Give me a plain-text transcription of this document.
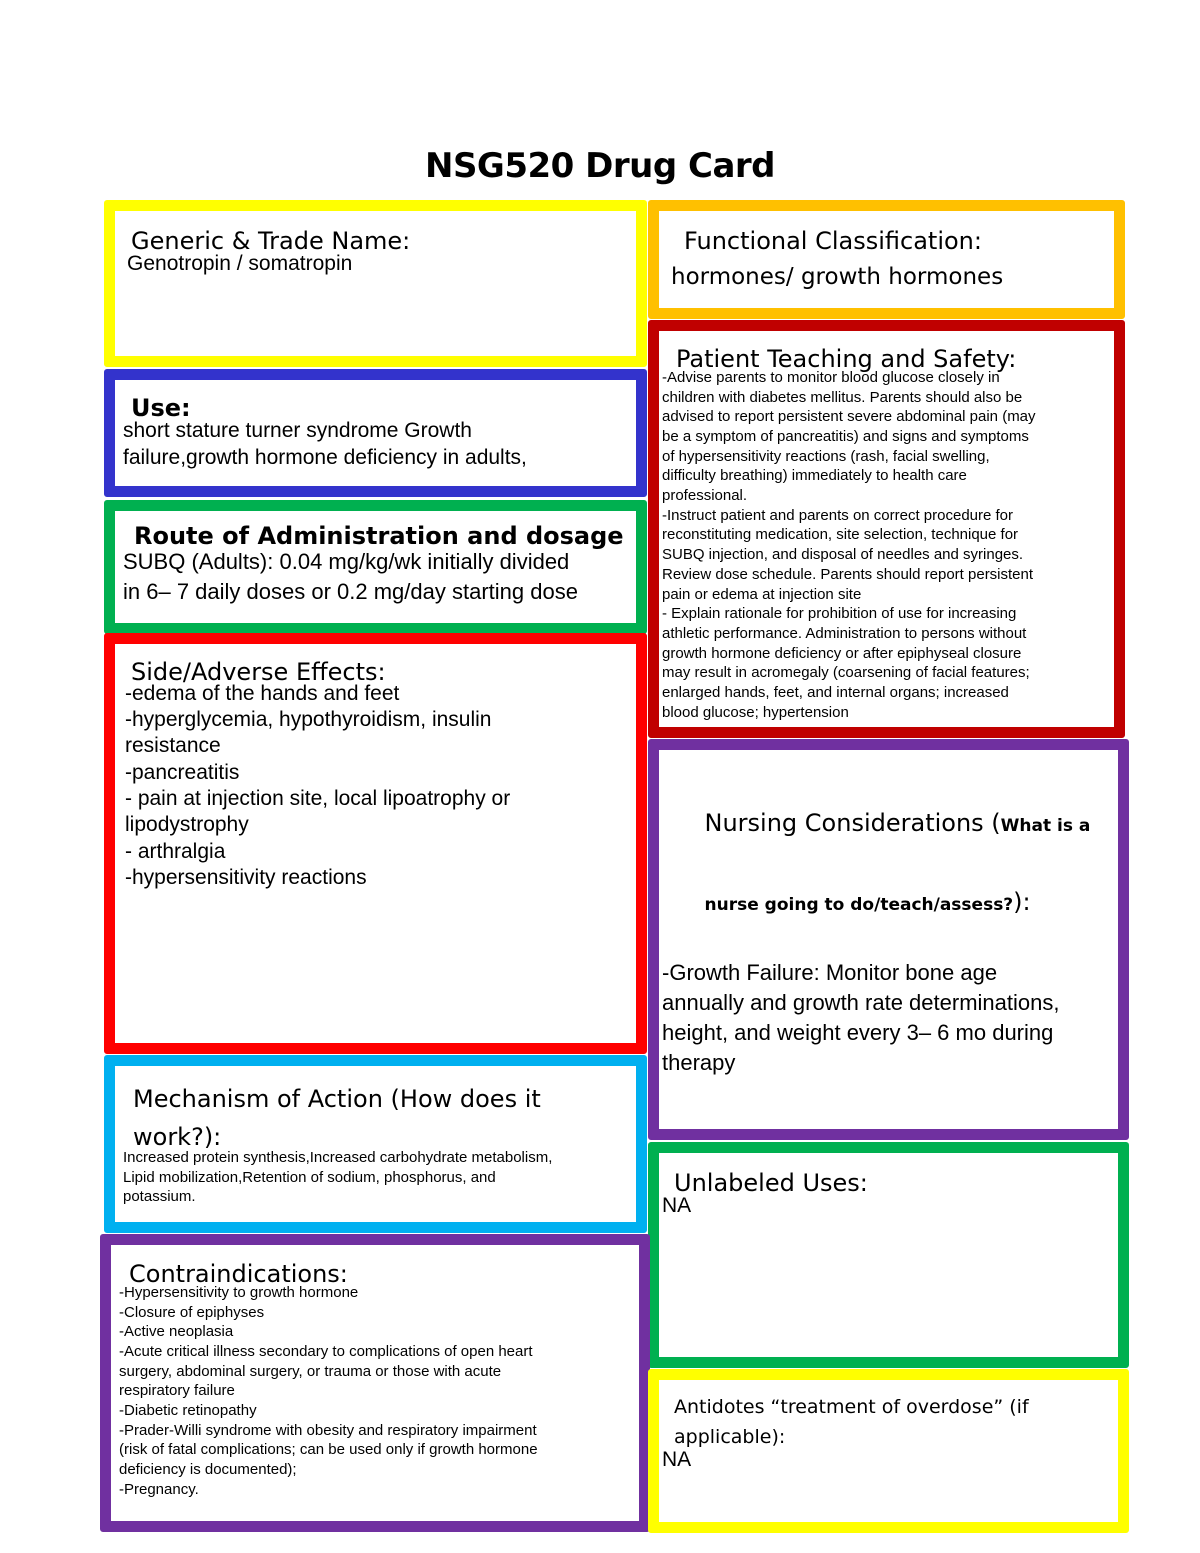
NSG520 Drug Card
Generic & Trade Name:
Genotropin / somatropin
Functional Classification:
hormones/ growth hormones
Use:
short stature turner syndrome Growth
failure,growth hormone deficiency in adults,
Patient Teaching and Safety:
-Advise parents to monitor blood glucose closely in
children with diabetes mellitus. Parents should also be
advised to report persistent severe abdominal pain (may
be a symptom of pancreatitis) and signs and symptoms
of hypersensitivity reactions (rash, facial swelling,
difficulty breathing) immediately to health care
professional.
-Instruct patient and parents on correct procedure for
reconstituting medication, site selection, technique for
SUBQ injection, and disposal of needles and syringes.
Review dose schedule. Parents should report persistent
pain or edema at injection site
- Explain rationale for prohibition of use for increasing
athletic performance. Administration to persons without
growth hormone deficiency or after epiphyseal closure
may result in acromegaly (coarsening of facial features;
enlarged hands, feet, and internal organs; increased
blood glucose; hypertension
Route of Administration and dosage
SUBQ (Adults): 0.04 mg/kg/wk initially divided
in 6– 7 daily doses or 0.2 mg/day starting dose
Side/Adverse Effects:
-edema of the hands and feet
-hyperglycemia, hypothyroidism, insulin
resistance
-pancreatitis
- pain at injection site, local lipoatrophy or
lipodystrophy
- arthralgia
-hypersensitivity reactions

Nursing Considerations (What is a

nurse going to do/teach/assess?):

-Growth Failure: Monitor bone age
annually and growth rate determinations,
height, and weight every 3– 6 mo during
therapy
Mechanism of Action (How does it
work?):
Increased protein synthesis,Increased carbohydrate metabolism,
Lipid mobilization,Retention of sodium, phosphorus, and
potassium.	Unlabeled Uses:
NA
Contraindications:
-Hypersensitivity to growth hormone
-Closure of epiphyses
-Active neoplasia
-Acute critical illness secondary to complications of open heart
surgery, abdominal surgery, or trauma or those with acute
respiratory failure
-Diabetic retinopathy
-Prader-Willi syndrome with obesity and respiratory impairment
(risk of fatal complications; can be used only if growth hormone
deficiency is documented);
-Pregnancy.
Antidotes “treatment of overdose” (if
applicable):
NA
